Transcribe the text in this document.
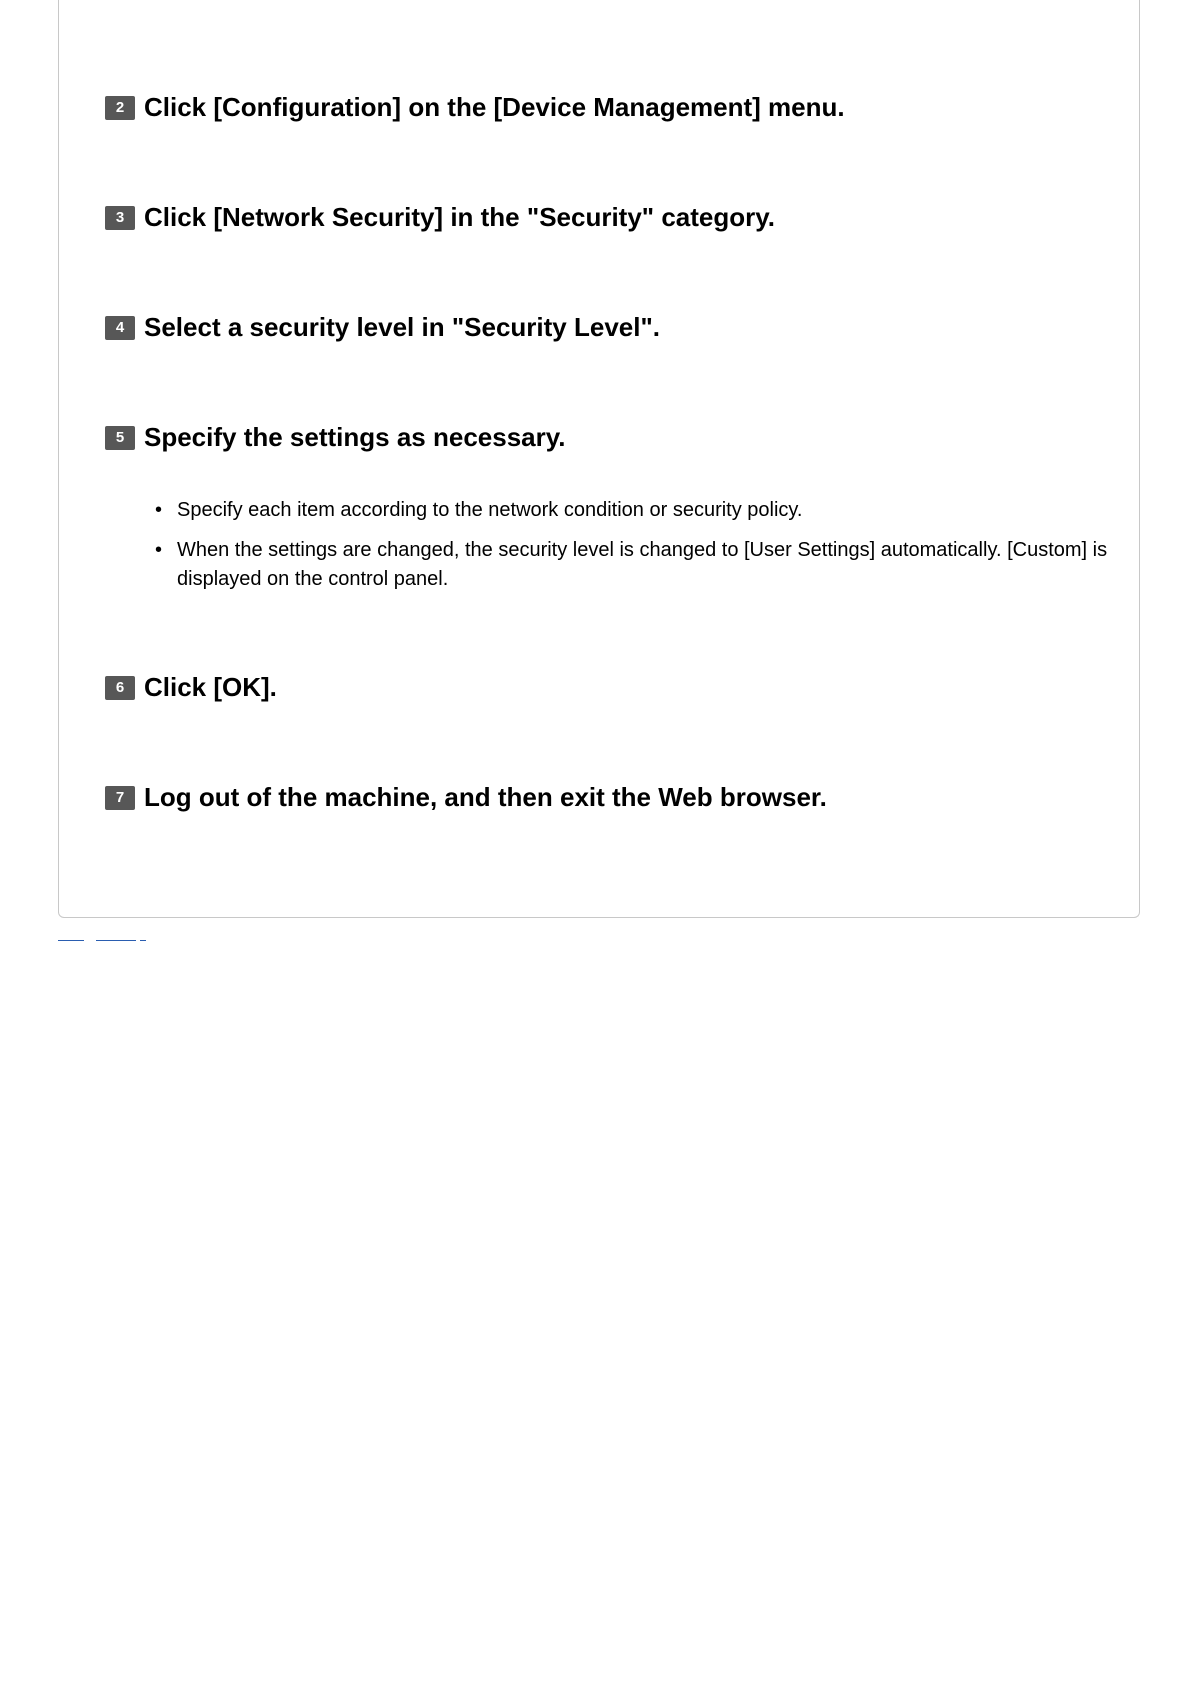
2 Click [Configuration] on the [Device Management] menu.
3 Click [Network Security] in the "Security" category.
4 Select a security level in "Security Level".
5 Specify the settings as necessary.
• Specify each item according to the network condition or security policy.
• When the settings are changed, the security level is changed to [User Settings] automatically. [Custom] is displayed on the control panel.
6 Click [OK].
7 Log out of the machine, and then exit the Web browser.
